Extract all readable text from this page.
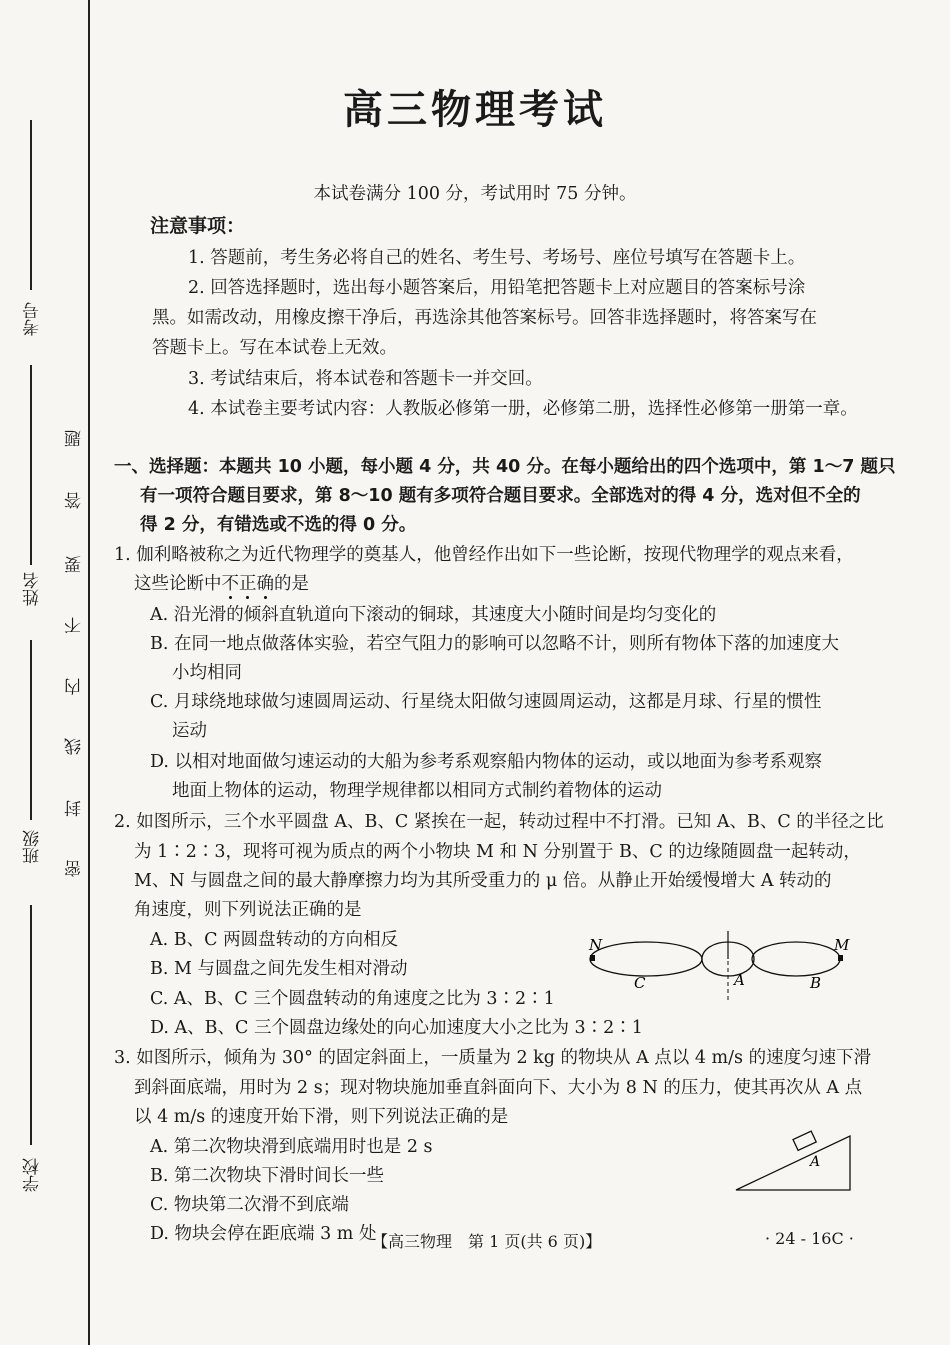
考号
姓名
班级
学校
密
封
线
内
不
要
答
题
高三物理考试
本试卷满分 100 分，考试用时 75 分钟。
注意事项：
1. 答题前，考生务必将自己的姓名、考生号、考场号、座位号填写在答题卡上。
2. 回答选择题时，选出每小题答案后，用铅笔把答题卡上对应题目的答案标号涂
黑。如需改动，用橡皮擦干净后，再选涂其他答案标号。回答非选择题时，将答案写在
答题卡上。写在本试卷上无效。
3. 考试结束后，将本试卷和答题卡一并交回。
4. 本试卷主要考试内容：人教版必修第一册，必修第二册，选择性必修第一册第一章。
一、选择题：本题共 10 小题，每小题 4 分，共 40 分。在每小题给出的四个选项中，第 1～7 题只
有一项符合题目要求，第 8～10 题有多项符合题目要求。全部选对的得 4 分，选对但不全的
得 2 分，有错选或不选的得 0 分。
1. 伽利略被称之为近代物理学的奠基人，他曾经作出如下一些论断，按现代物理学的观点来看，
这些论断中不正确的是
A. 沿光滑的倾斜直轨道向下滚动的铜球，其速度大小随时间是均匀变化的
B. 在同一地点做落体实验，若空气阻力的影响可以忽略不计，则所有物体下落的加速度大
小均相同
C. 月球绕地球做匀速圆周运动、行星绕太阳做匀速圆周运动，这都是月球、行星的惯性
运动
D. 以相对地面做匀速运动的大船为参考系观察船内物体的运动，或以地面为参考系观察
地面上物体的运动，物理学规律都以相同方式制约着物体的运动
2. 如图所示，三个水平圆盘 A、B、C 紧挨在一起，转动过程中不打滑。已知 A、B、C 的半径之比
为 1∶2∶3，现将可视为质点的两个小物块 M 和 N 分别置于 B、C 的边缘随圆盘一起转动，
M、N 与圆盘之间的最大静摩擦力均为其所受重力的 μ 倍。从静止开始缓慢增大 A 转动的
角速度，则下列说法正确的是
A. B、C 两圆盘转动的方向相反
B. M 与圆盘之间先发生相对滑动
C. A、B、C 三个圆盘转动的角速度之比为 3∶2∶1
D. A、B、C 三个圆盘边缘处的向心加速度大小之比为 3∶2∶1
N	M
C	A	B
3. 如图所示，倾角为 30° 的固定斜面上，一质量为 2 kg 的物块从 A 点以 4 m/s 的速度匀速下滑
到斜面底端，用时为 2 s；现对物块施加垂直斜面向下、大小为 8 N 的压力，使其再次从 A 点
以 4 m/s 的速度开始下滑，则下列说法正确的是
A. 第二次物块滑到底端用时也是 2 s
B. 第二次物块下滑时间长一些
C. 物块第二次滑不到底端
D. 物块会停在距底端 3 m 处
A
【高三物理　第 1 页(共 6 页)】	· 24 - 16C ·
